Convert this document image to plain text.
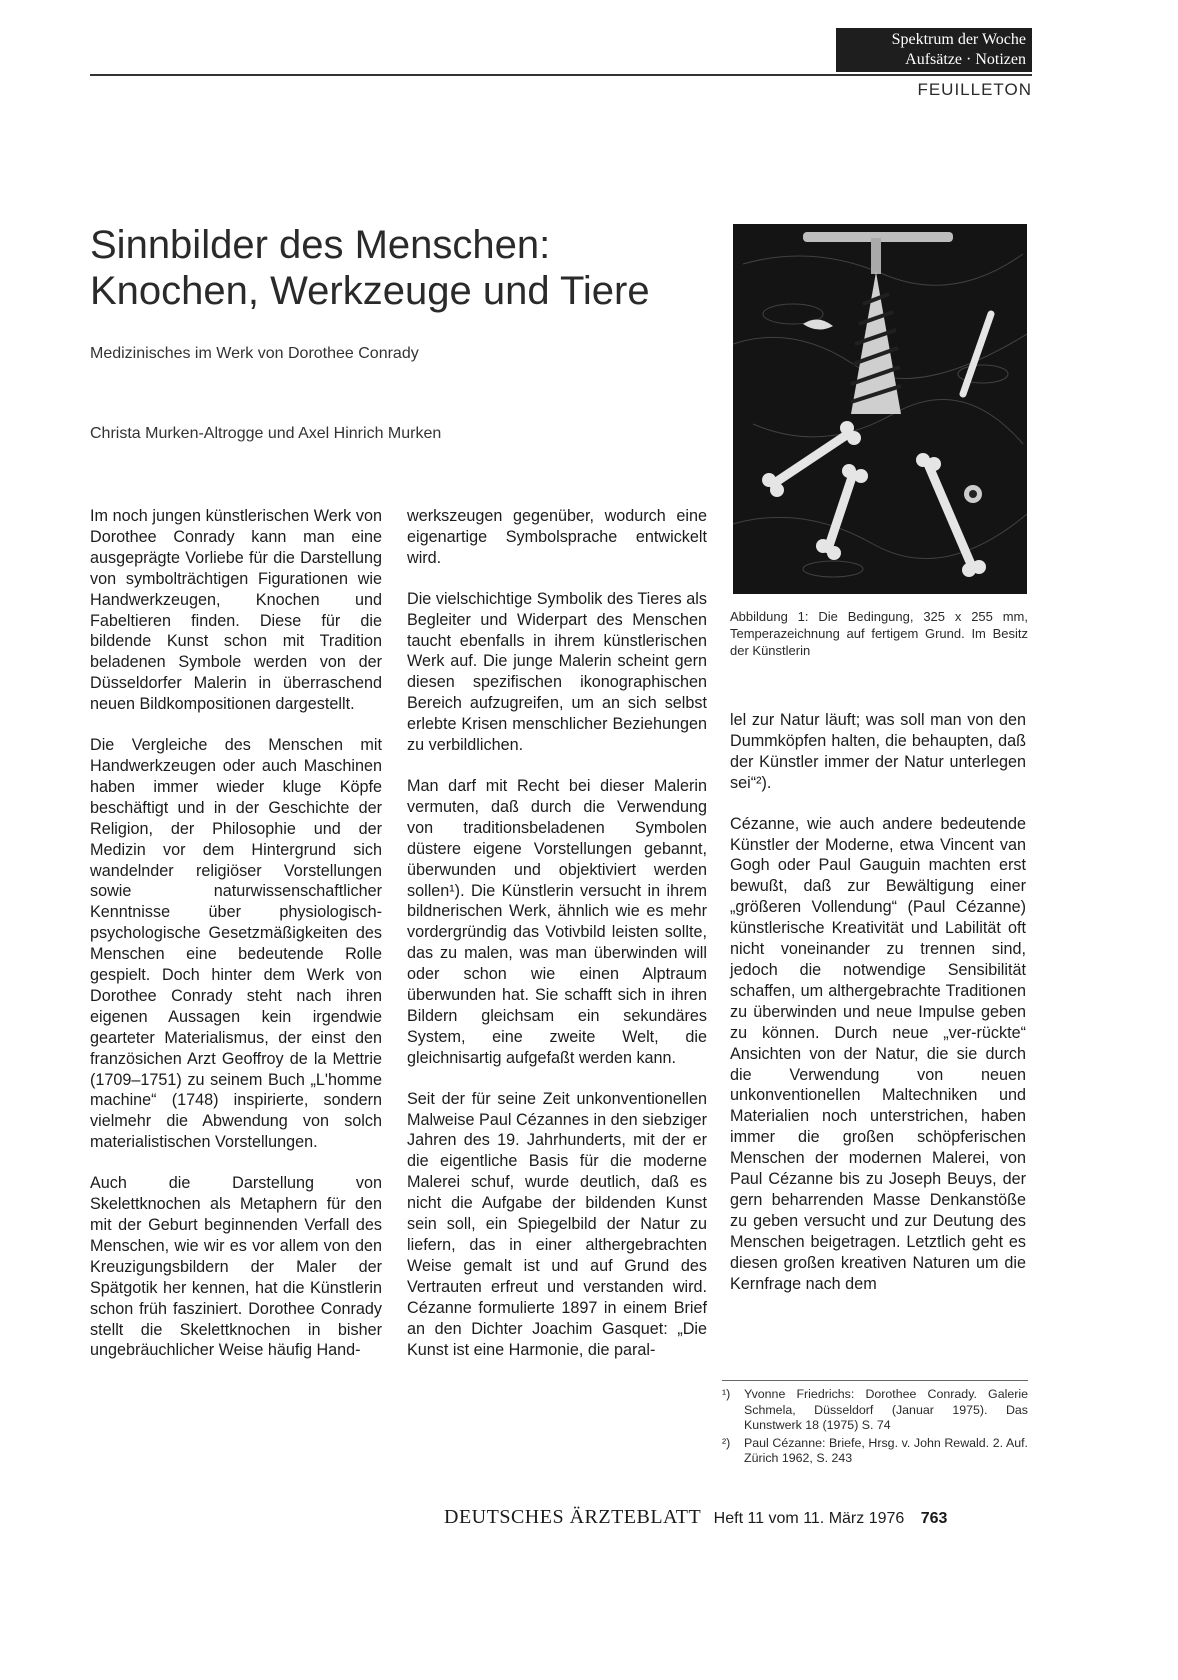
Spektrum der Woche
Aufsätze · Notizen
FEUILLETON
Sinnbilder des Menschen:
Knochen, Werkzeuge und Tiere
Medizinisches im Werk von Dorothee Conrady
Christa Murken-Altrogge und Axel Hinrich Murken

Im noch jungen künstlerischen Werk von Dorothee Conrady kann man eine ausgeprägte Vorliebe für die Darstellung von symbolträchtigen Figurationen wie Handwerkzeugen, Knochen und Fabeltieren finden. Diese für die bildende Kunst schon mit Tradition beladenen Symbole werden von der Düsseldorfer Malerin in überraschend neuen Bildkompositionen dargestellt.

Die Vergleiche des Menschen mit Handwerkzeugen oder auch Maschinen haben immer wieder kluge Köpfe beschäftigt und in der Geschichte der Religion, der Philosophie und der Medizin vor dem Hintergrund sich wandelnder religiöser Vorstellungen sowie naturwissenschaftlicher Kenntnisse über physiologisch-psychologische Gesetzmäßigkeiten des Menschen eine bedeutende Rolle gespielt. Doch hinter dem Werk von Dorothee Conrady steht nach ihren eigenen Aussagen kein irgendwie gearteter Materialismus, der einst den französichen Arzt Geoffroy de la Mettrie (1709–1751) zu seinem Buch „L'homme machine“ (1748) inspirierte, sondern vielmehr die Abwendung von solch materialistischen Vorstellungen.

Auch die Darstellung von Skelettknochen als Metaphern für den mit der Geburt beginnenden Verfall des Menschen, wie wir es vor allem von den Kreuzigungsbildern der Maler der Spätgotik her kennen, hat die Künstlerin schon früh fasziniert. Dorothee Conrady stellt die Skelettknochen in bisher ungebräuchlicher Weise häufig Hand-

werkszeugen gegenüber, wodurch eine eigenartige Symbolsprache entwickelt wird.

Die vielschichtige Symbolik des Tieres als Begleiter und Widerpart des Menschen taucht ebenfalls in ihrem künstlerischen Werk auf. Die junge Malerin scheint gern diesen spezifischen ikonographischen Bereich aufzugreifen, um an sich selbst erlebte Krisen menschlicher Beziehungen zu verbildlichen.

Man darf mit Recht bei dieser Malerin vermuten, daß durch die Verwendung von traditionsbeladenen Symbolen düstere eigene Vorstellungen gebannt, überwunden und objektiviert werden sollen¹). Die Künstlerin versucht in ihrem bildnerischen Werk, ähnlich wie es mehr vordergründig das Votivbild leisten sollte, das zu malen, was man überwinden will oder schon wie einen Alptraum überwunden hat. Sie schafft sich in ihren Bildern gleichsam ein sekundäres System, eine zweite Welt, die gleichnisartig aufgefaßt werden kann.

Seit der für seine Zeit unkonventionellen Malweise Paul Cézannes in den siebziger Jahren des 19. Jahrhunderts, mit der er die eigentliche Basis für die moderne Malerei schuf, wurde deutlich, daß es nicht die Aufgabe der bildenden Kunst sein soll, ein Spiegelbild der Natur zu liefern, das in einer althergebrachten Weise gemalt ist und auf Grund des Vertrauten erfreut und verstanden wird. Cézanne formulierte 1897 in einem Brief an den Dichter Joachim Gasquet: „Die Kunst ist eine Harmonie, die paral-

Abbildung 1: Die Bedingung, 325 x 255 mm, Temperazeichnung auf fertigem Grund. Im Besitz der Künstlerin

lel zur Natur läuft; was soll man von den Dummköpfen halten, die behaupten, daß der Künstler immer der Natur unterlegen sei“²).

Cézanne, wie auch andere bedeutende Künstler der Moderne, etwa Vincent van Gogh oder Paul Gauguin machten erst bewußt, daß zur Bewältigung einer „größeren Vollendung“ (Paul Cézanne) künstlerische Kreativität und Labilität oft nicht voneinander zu trennen sind, jedoch die notwendige Sensibilität schaffen, um althergebrachte Traditionen zu überwinden und neue Impulse geben zu können. Durch neue „ver-rückte“ Ansichten von der Natur, die sie durch die Verwendung von neuen unkonventionellen Maltechniken und Materialien noch unterstrichen, haben immer die großen schöpferischen Menschen der modernen Malerei, von Paul Cézanne bis zu Joseph Beuys, der gern beharrenden Masse Denkanstöße zu geben versucht und zur Deutung des Menschen beigetragen. Letztlich geht es diesen großen kreativen Naturen um die Kernfrage nach dem

¹)	Yvonne Friedrichs: Dorothee Conrady. Galerie Schmela, Düsseldorf (Januar 1975). Das Kunstwerk 18 (1975) S. 74
²)	Paul Cézanne: Briefe, Hrsg. v. John Rewald. 2. Auf. Zürich 1962, S. 243
DEUTSCHES ÄRZTEBLATT Heft 11 vom 11. März 1976 763
